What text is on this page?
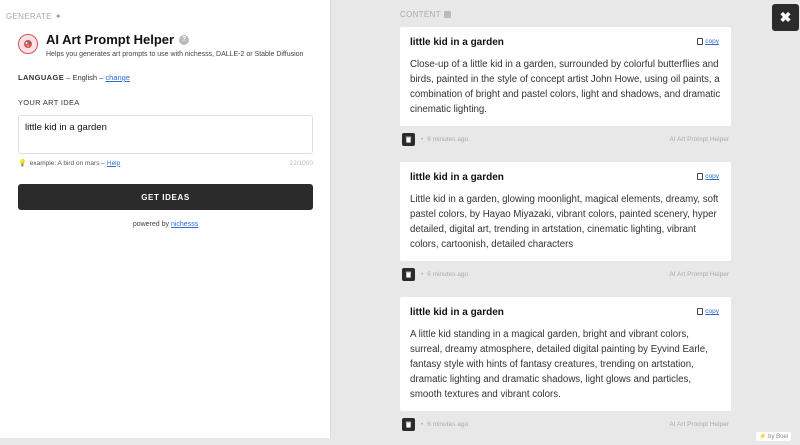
GENERATE ✦
AI Art Prompt Helper	?
Helps you generates art prompts to use with nichesss, DALLE-2 or Stable Diffusion
LANGUAGE – English – change
YOUR ART IDEA
little kid in a garden
💡 example: A bird on mars – Help	22/1000
GET IDEAS
powered by nichesss
CONTENT	✖
little kid in a garden	copy
Close-up of a little kid in a garden, surrounded by colorful butterflies and birds, painted in the style of concept artist John Howe, using oil paints, a combination of bright and pastel colors, light and shadows, and dramatic cinematic lighting.
• 6 minutes ago	AI Art Prompt Helper
little kid in a garden	copy
Little kid in a garden, glowing moonlight, magical elements, dreamy, soft pastel colors, by Hayao Miyazaki, vibrant colors, painted scenery, hyper detailed, digital art, trending in artstation, cinematic lighting, vibrant colors, cartoonish, detailed characters
• 6 minutes ago	AI Art Prompt Helper
little kid in a garden	copy
A little kid standing in a magical garden, bright and vibrant colors, surreal, dreamy atmosphere, detailed digital painting by Eyvind Earle, fantasy style with hints of fantasy creatures, trending on artstation, dramatic lighting and dramatic shadows, light glows and particles, smooth textures and vibrant colors.
• 6 minutes ago	AI Art Prompt Helper
⚡ by Boei
